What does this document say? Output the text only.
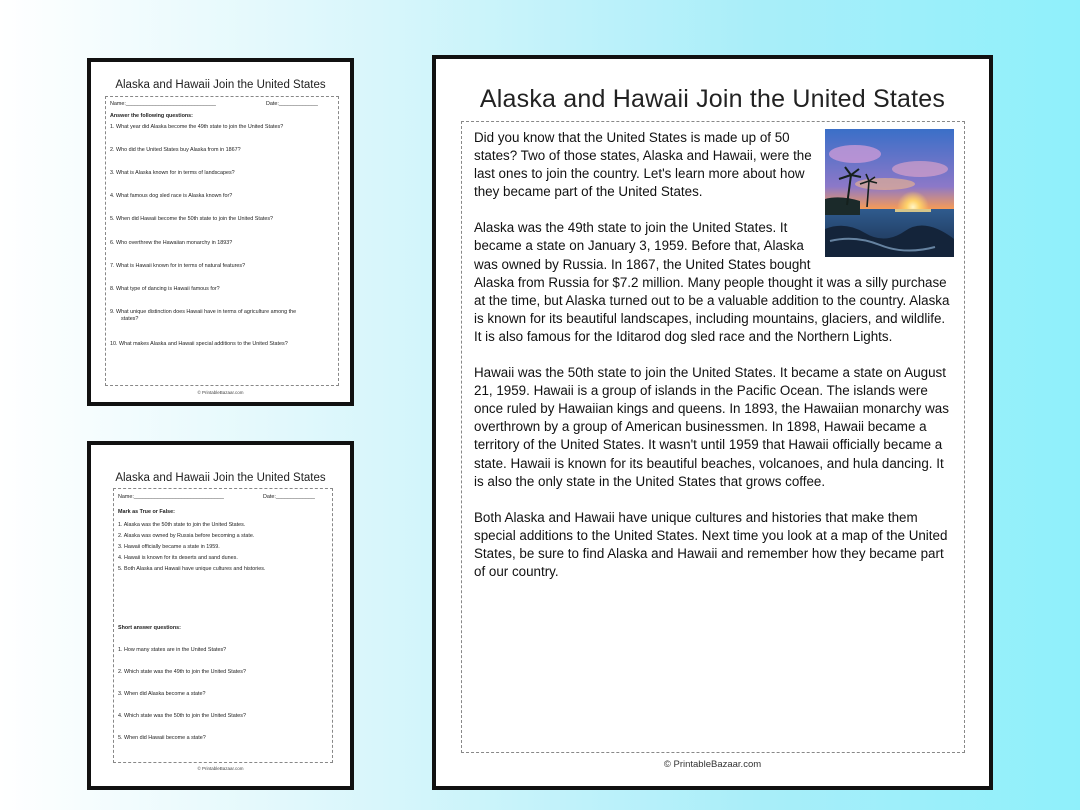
Alaska and Hawaii Join the United States
Name:______________________________	Date:_____________
Answer the following questions:
1. What year did Alaska become the 49th state to join the United States?
2. Who did the United States buy Alaska from in 1867?
3. What is Alaska known for in terms of landscapes?
4. What famous dog sled race is Alaska known for?
5. When did Hawaii become the 50th state to join the United States?
6. Who overthrew the Hawaiian monarchy in 1893?
7. What is Hawaii known for in terms of natural features?
8. What type of dancing is Hawaii famous for?
9. What unique distinction does Hawaii have in terms of agriculture among the
states?
10. What makes Alaska and Hawaii special additions to the United States?
© PrintableBazaar.com
Alaska and Hawaii Join the United States
Name:______________________________	Date:_____________
Mark as True or False:
1. Alaska was the 50th state to join the United States.
2. Alaska was owned by Russia before becoming a state.
3. Hawaii officially became a state in 1959.
4. Hawaii is known for its deserts and sand dunes.
5. Both Alaska and Hawaii have unique cultures and histories.
Short answer questions:
1. How many states are in the United States?
2. Which state was the 49th to join the United States?
3. When did Alaska become a state?
4. Which state was the 50th to join the United States?
5. When did Hawaii become a state?
© PrintableBazaar.com
Alaska and Hawaii Join the United States

Did you know that the United States is made up of 50 states? Two of those states, Alaska and Hawaii, were the last ones to join the country. Let's learn more about how they became part of the United States.

Alaska was the 49th state to join the United States. It became a state on January 3, 1959. Before that, Alaska was owned by Russia. In 1867, the United States bought Alaska from Russia for $7.2 million. Many people thought it was a silly purchase at the time, but Alaska turned out to be a valuable addition to the country. Alaska is known for its beautiful landscapes, including mountains, glaciers, and wildlife. It is also famous for the Iditarod dog sled race and the Northern Lights.

Hawaii was the 50th state to join the United States. It became a state on August 21, 1959. Hawaii is a group of islands in the Pacific Ocean. The islands were once ruled by Hawaiian kings and queens. In 1893, the Hawaiian monarchy was overthrown by a group of American businessmen. In 1898, Hawaii became a territory of the United States. It wasn't until 1959 that Hawaii officially became a state. Hawaii is known for its beautiful beaches, volcanoes, and hula dancing. It is also the only state in the United States that grows coffee.

Both Alaska and Hawaii have unique cultures and histories that make them special additions to the United States. Next time you look at a map of the United States, be sure to find Alaska and Hawaii and remember how they became part of our country.

© PrintableBazaar.com
